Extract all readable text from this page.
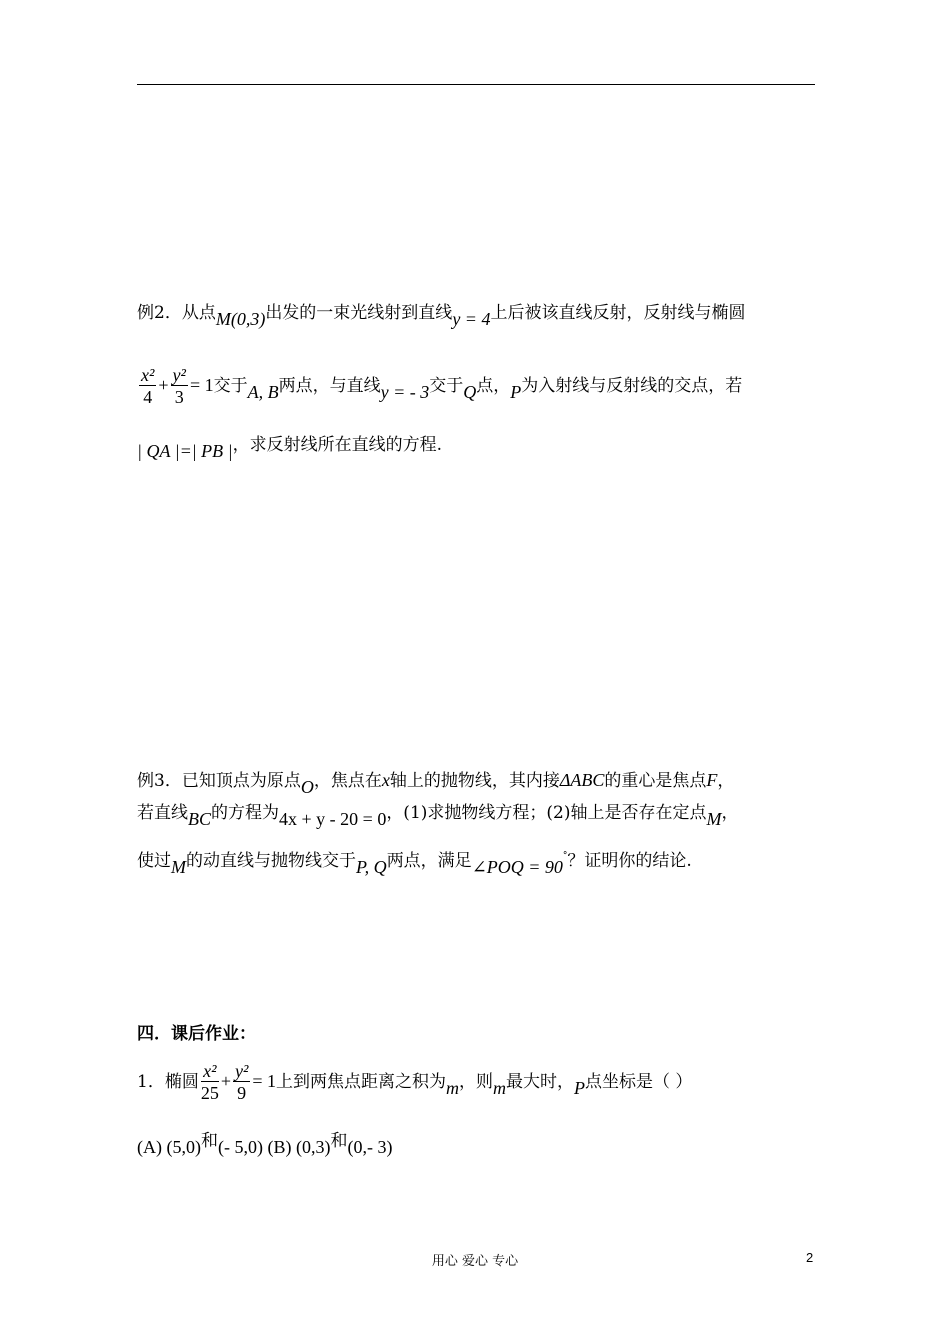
例2．从点M(0,3)出发的一束光线射到直线y = 4上后被该直线反射，反射线与椭圆
$\frac{\text{x²}}{4} + \frac{\text{y²}}{3} = 1$交于A, B两点，与直线y = - 3交于Q点，P为入射线与反射线的交点，若
| QA |=| PB |，求反射线所在直线的方程.
例3．已知顶点为原点O，焦点在x轴上的抛物线，其内接ΔABC的重心是焦点F，
若直线BC的方程为4x + y - 20 = 0，(1)求抛物线方程；(2)轴上是否存在定点M，
使过M的动直线与抛物线交于P, Q两点，满足∠POQ = 90°？证明你的结论.
四．课后作业：
1．椭圆 $\frac{\text{x²}}{25} + \frac{\text{y²}}{9} = 1$上到两焦点距离之积为m，则m最大时，P点坐标是（ ）
(A) (5,0)和(- 5,0) (B) (0,3)和(0,- 3)
用心 爱心 专心	2
